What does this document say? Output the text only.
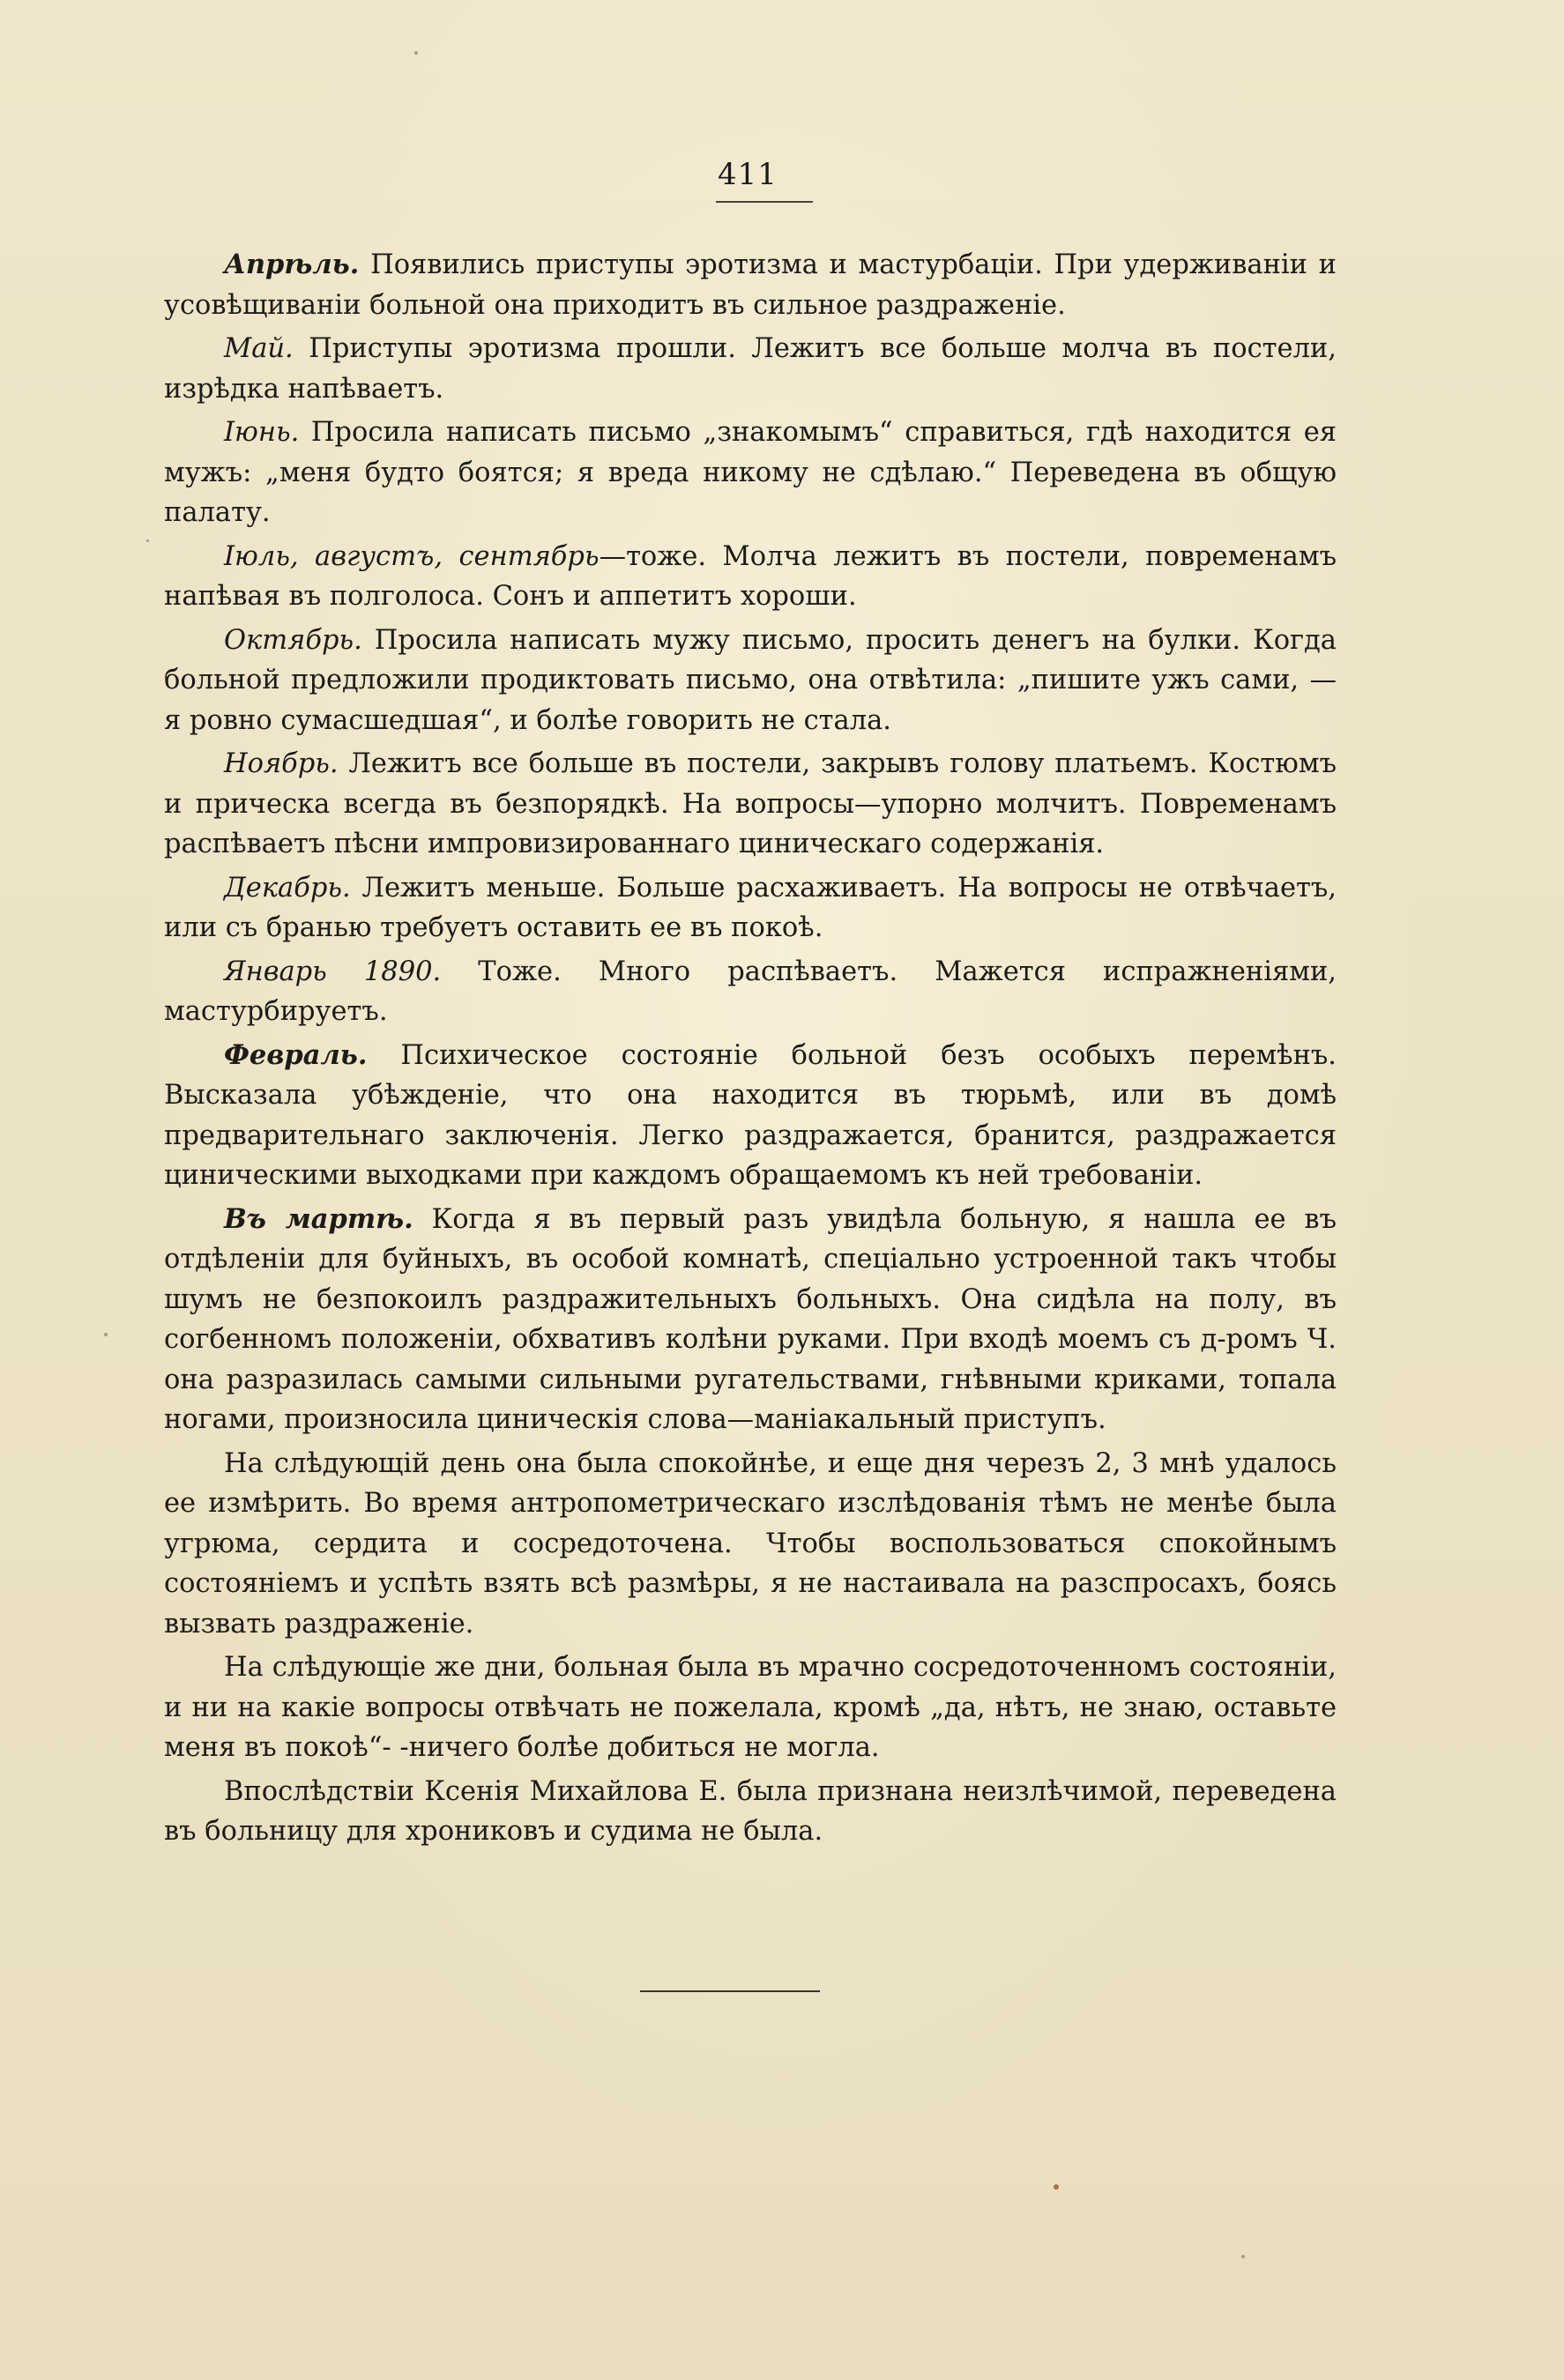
411

Апрѣль. Появились приступы эротизма и мастурбаціи. При удерживаніи и усовѣщиваніи больной она приходитъ въ сильное раздраженіе.

Май. Приступы эротизма прошли. Лежитъ все больше молча въ постели, изрѣдка напѣваетъ.

Іюнь. Просила написать письмо „знакомымъ“ справиться, гдѣ находится ея мужъ: „меня будто боятся; я вреда никому не сдѣлаю.“ Переведена въ общую палату.

Іюль, августъ, сентябрь—тоже. Молча лежитъ въ постели, повременамъ напѣвая въ полголоса. Сонъ и аппетитъ хороши.

Октябрь. Просила написать мужу письмо, просить денегъ на булки. Когда больной предложили продиктовать письмо, она отвѣтила: „пишите ужъ сами, — я ровно сумасшедшая“, и болѣе говорить не стала.

Ноябрь. Лежитъ все больше въ постели, закрывъ голову платьемъ. Костюмъ и прическа всегда въ безпорядкѣ. На вопросы—упорно молчитъ. Повременамъ распѣваетъ пѣсни импровизированнаго циническаго содержанія.

Декабрь. Лежитъ меньше. Больше расхаживаетъ. На вопросы не отвѣчаетъ, или съ бранью требуетъ оставить ее въ покоѣ.

Январь 1890. Тоже. Много распѣваетъ. Мажется испражненіями, мастурбируетъ.

Февраль. Психическое состояніе больной безъ особыхъ перемѣнъ. Высказала убѣжденіе, что она находится въ тюрьмѣ, или въ домѣ предварительнаго заключенія. Легко раздражается, бранится, раздражается циническими выходками при каждомъ обращаемомъ къ ней требованіи.

Въ мартѣ. Когда я въ первый разъ увидѣла больную, я нашла ее въ отдѣленіи для буйныхъ, въ особой комнатѣ, спеціально устроенной такъ чтобы шумъ не безпокоилъ раздражительныхъ больныхъ. Она сидѣла на полу, въ согбенномъ положеніи, обхвативъ колѣни руками. При входѣ моемъ съ д-ромъ Ч. она разразилась самыми сильными ругательствами, гнѣвными криками, топала ногами, произносила циническія слова—маніакальный приступъ.

На слѣдующій день она была спокойнѣе, и еще дня черезъ 2, 3 мнѣ удалось ее измѣрить. Во время антропометрическаго изслѣдованія тѣмъ не менѣе была угрюма, сердита и сосредоточена. Чтобы воспользоваться спокойнымъ состояніемъ и успѣть взять всѣ размѣры, я не настаивала на разспросахъ, боясь вызвать раздраженіе.

На слѣдующіе же дни, больная была въ мрачно сосредоточенномъ состояніи, и ни на какіе вопросы отвѣчать не пожелала, кромѣ „да, нѣтъ, не знаю, оставьте меня въ покоѣ“- -ничего болѣе добиться не могла.

Впослѣдствіи Ксенія Михайлова Е. была признана неизлѣчимой, переведена въ больницу для хрониковъ и судима не была.
